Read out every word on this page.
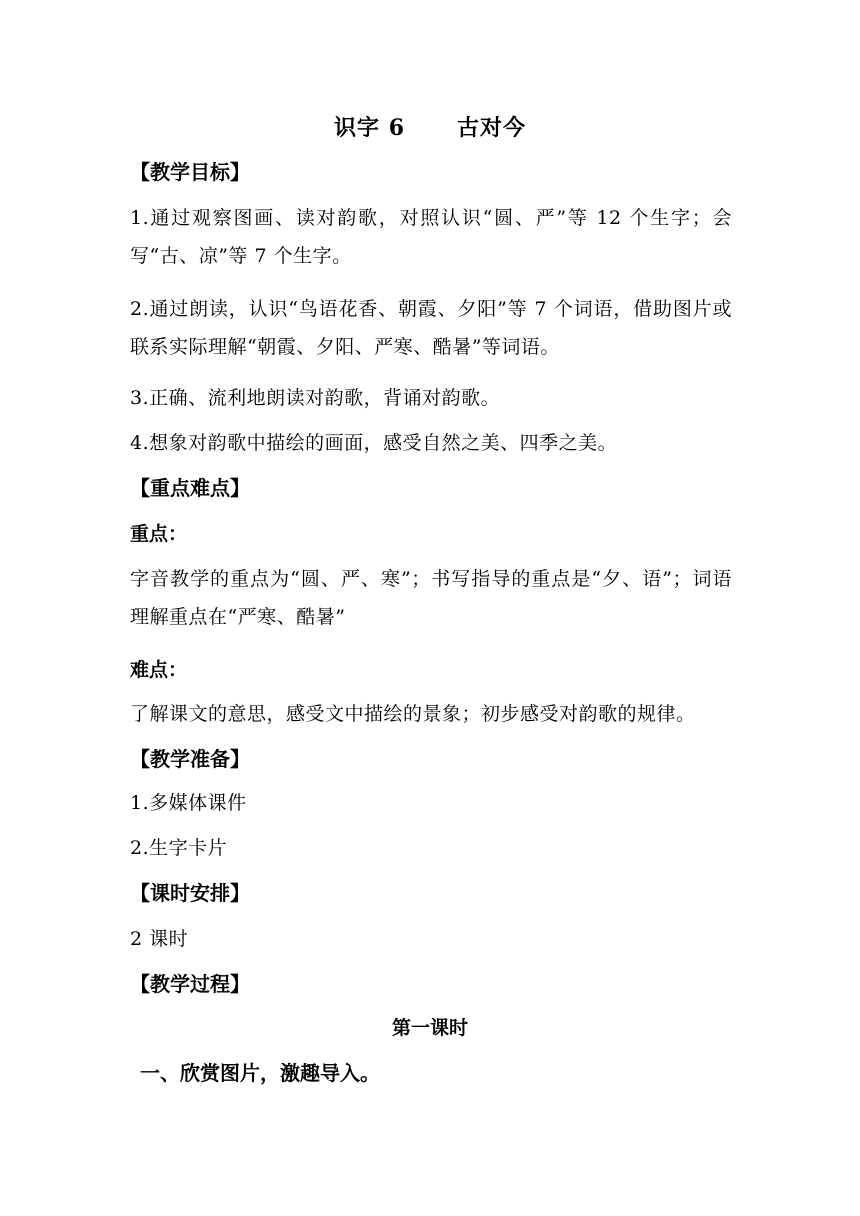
识字 6      古对今
【教学目标】
1.通过观察图画、读对韵歌，对照认识“圆、严”等 12 个生字；会写“古、凉”等 7 个生字。
2.通过朗读，认识“鸟语花香、朝霞、夕阳”等 7 个词语，借助图片或联系实际理解“朝霞、夕阳、严寒、酷暑”等词语。
3.正确、流利地朗读对韵歌，背诵对韵歌。
4.想象对韵歌中描绘的画面，感受自然之美、四季之美。
【重点难点】
重点：
字音教学的重点为“圆、严、寒”；书写指导的重点是“夕、语”；词语理解重点在“严寒、酷暑”
难点：
了解课文的意思，感受文中描绘的景象；初步感受对韵歌的规律。
【教学准备】
1.多媒体课件
2.生字卡片
【课时安排】
2 课时
【教学过程】
第一课时
一、欣赏图片，激趣导入。
